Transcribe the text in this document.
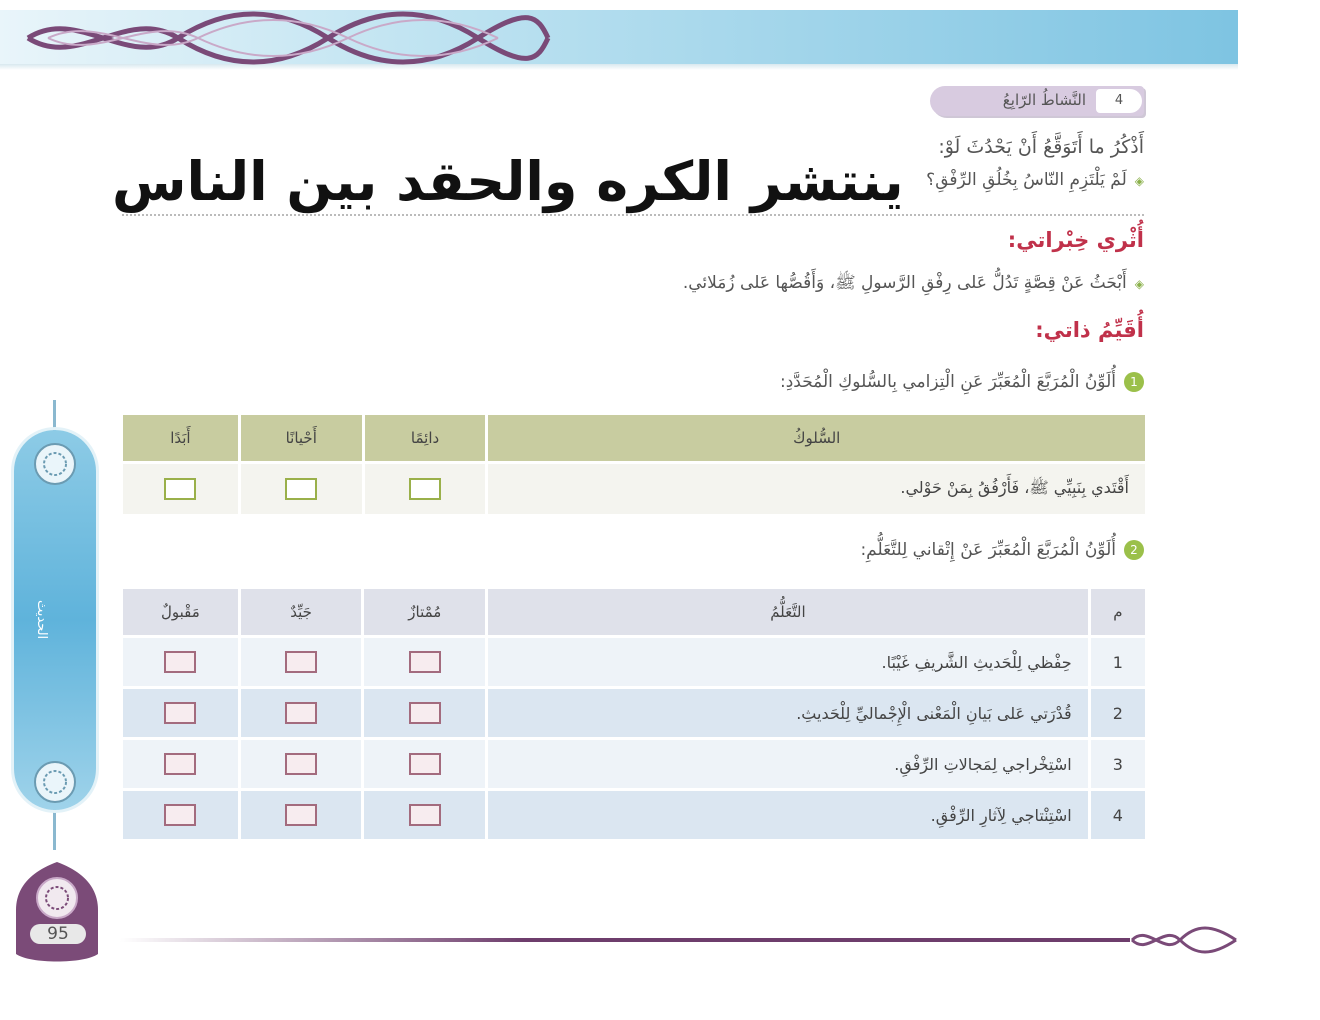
4
النَّشاطُ الرّابِعُ
أَذْكُرُ ما أَتَوَقَّعُ أَنْ يَحْدُثَ لَوْ:
◈لَمْ يَلْتَزِمِ النّاسُ بِخُلُقِ الرِّفْقِ؟
ينتشر الكره والحقد بين الناس
أُثْري خِبْراتي:
◈أَبْحَثُ عَنْ قِصَّةٍ تَدُلُّ عَلى رِفْقِ الرَّسولِ ﷺ، وَأَقُصُّها عَلى زُمَلائي.
أُقَيِّمُ ذاتي:
1أُلَوِّنُ الْمُرَبَّعَ الْمُعَبِّرَ عَنِ الْتِزامي بِالسُّلوكِ الْمُحَدَّدِ:
السُّلوكُ	دائِمًا	أَحْيانًا	أَبَدًا
أَقْتَدي بِنَبِيِّي ﷺ، فَأَرْفُقُ بِمَنْ حَوْلي.			
2أُلَوِّنُ الْمُرَبَّعَ الْمُعَبِّرَ عَنْ إِتْقاني لِلتَّعَلُّمِ:
م	التَّعَلُّمُ	مُمْتازٌ	جَيِّدٌ	مَقْبولٌ
1	حِفْظي لِلْحَديثِ الشَّريفِ غَيْبًا.			
2	قُدْرَتي عَلى بَيانِ الْمَعْنى الْإِجْماليِّ لِلْحَديثِ.			
3	اسْتِخْراجي لِمَجالاتِ الرِّفْقِ.			
4	اسْتِنْتاجي لِآثارِ الرِّفْقِ.			
الحديث
95
